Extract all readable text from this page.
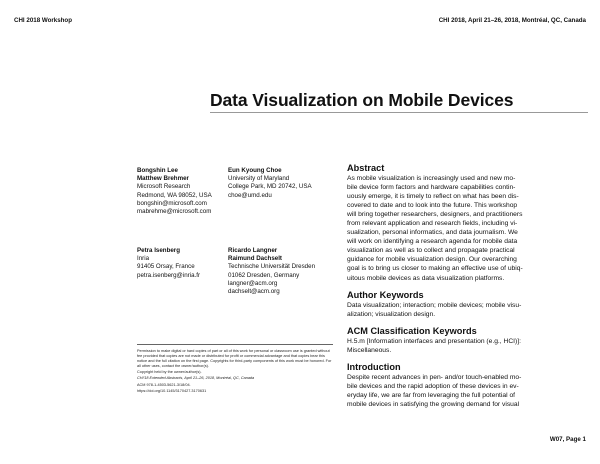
CHI 2018 Workshop	CHI 2018, April 21–26, 2018, Montréal, QC, Canada
Data Visualization on Mobile Devices
Bongshin Lee
Matthew Brehmer
Microsoft Research
Redmond, WA 98052, USA
bongshin@microsoft.com
mabrehme@microsoft.com
Eun Kyoung Choe
University of Maryland
College Park, MD 20742, USA
choe@umd.edu
Petra Isenberg
Inria
91405 Orsay, France
petra.isenberg@inria.fr
Ricardo Langner
Raimund Dachselt
Technische Universität Dresden
01062 Dresden, Germany
langner@acm.org
dachselt@acm.org

Permission to make digital or hard copies of part or all of this work for personal or classroom use is granted without fee provided that copies are not made or distributed for profit or commercial advantage and that copies bear this notice and the full citation on the first page. Copyrights for third-party components of this work must be honored. For all other uses, contact the owner/author(s).

Copyright held by the owner/author(s).

CHI'18 Extended Abstracts, April 21–26, 2018, Montréal, QC, Canada

ACM 978-1-4503-5621-3/18/04.

https://doi.org/10.1145/3170427.3170631

Abstract
As mobile visualization is increasingly used and new mo-
bile device form factors and hardware capabilities contin-
uously emerge, it is timely to reflect on what has been dis-
covered to date and to look into the future. This workshop
will bring together researchers, designers, and practitioners
from relevant application and research fields, including vi-
sualization, personal informatics, and data journalism. We
will work on identifying a research agenda for mobile data
visualization as well as to collect and propagate practical
guidance for mobile visualization design. Our overarching
goal is to bring us closer to making an effective use of ubiq-
uitous mobile devices as data visualization platforms.
Author Keywords
Data visualization; interaction; mobile devices; mobile visu-
alization; visualization design.
ACM Classification Keywords
H.5.m [Information interfaces and presentation (e.g., HCI)]:
Miscellaneous.
Introduction
Despite recent advances in pen- and/or touch-enabled mo-
bile devices and the rapid adoption of these devices in ev-
eryday life, we are far from leveraging the full potential of
mobile devices in satisfying the growing demand for visual
W07, Page 1
